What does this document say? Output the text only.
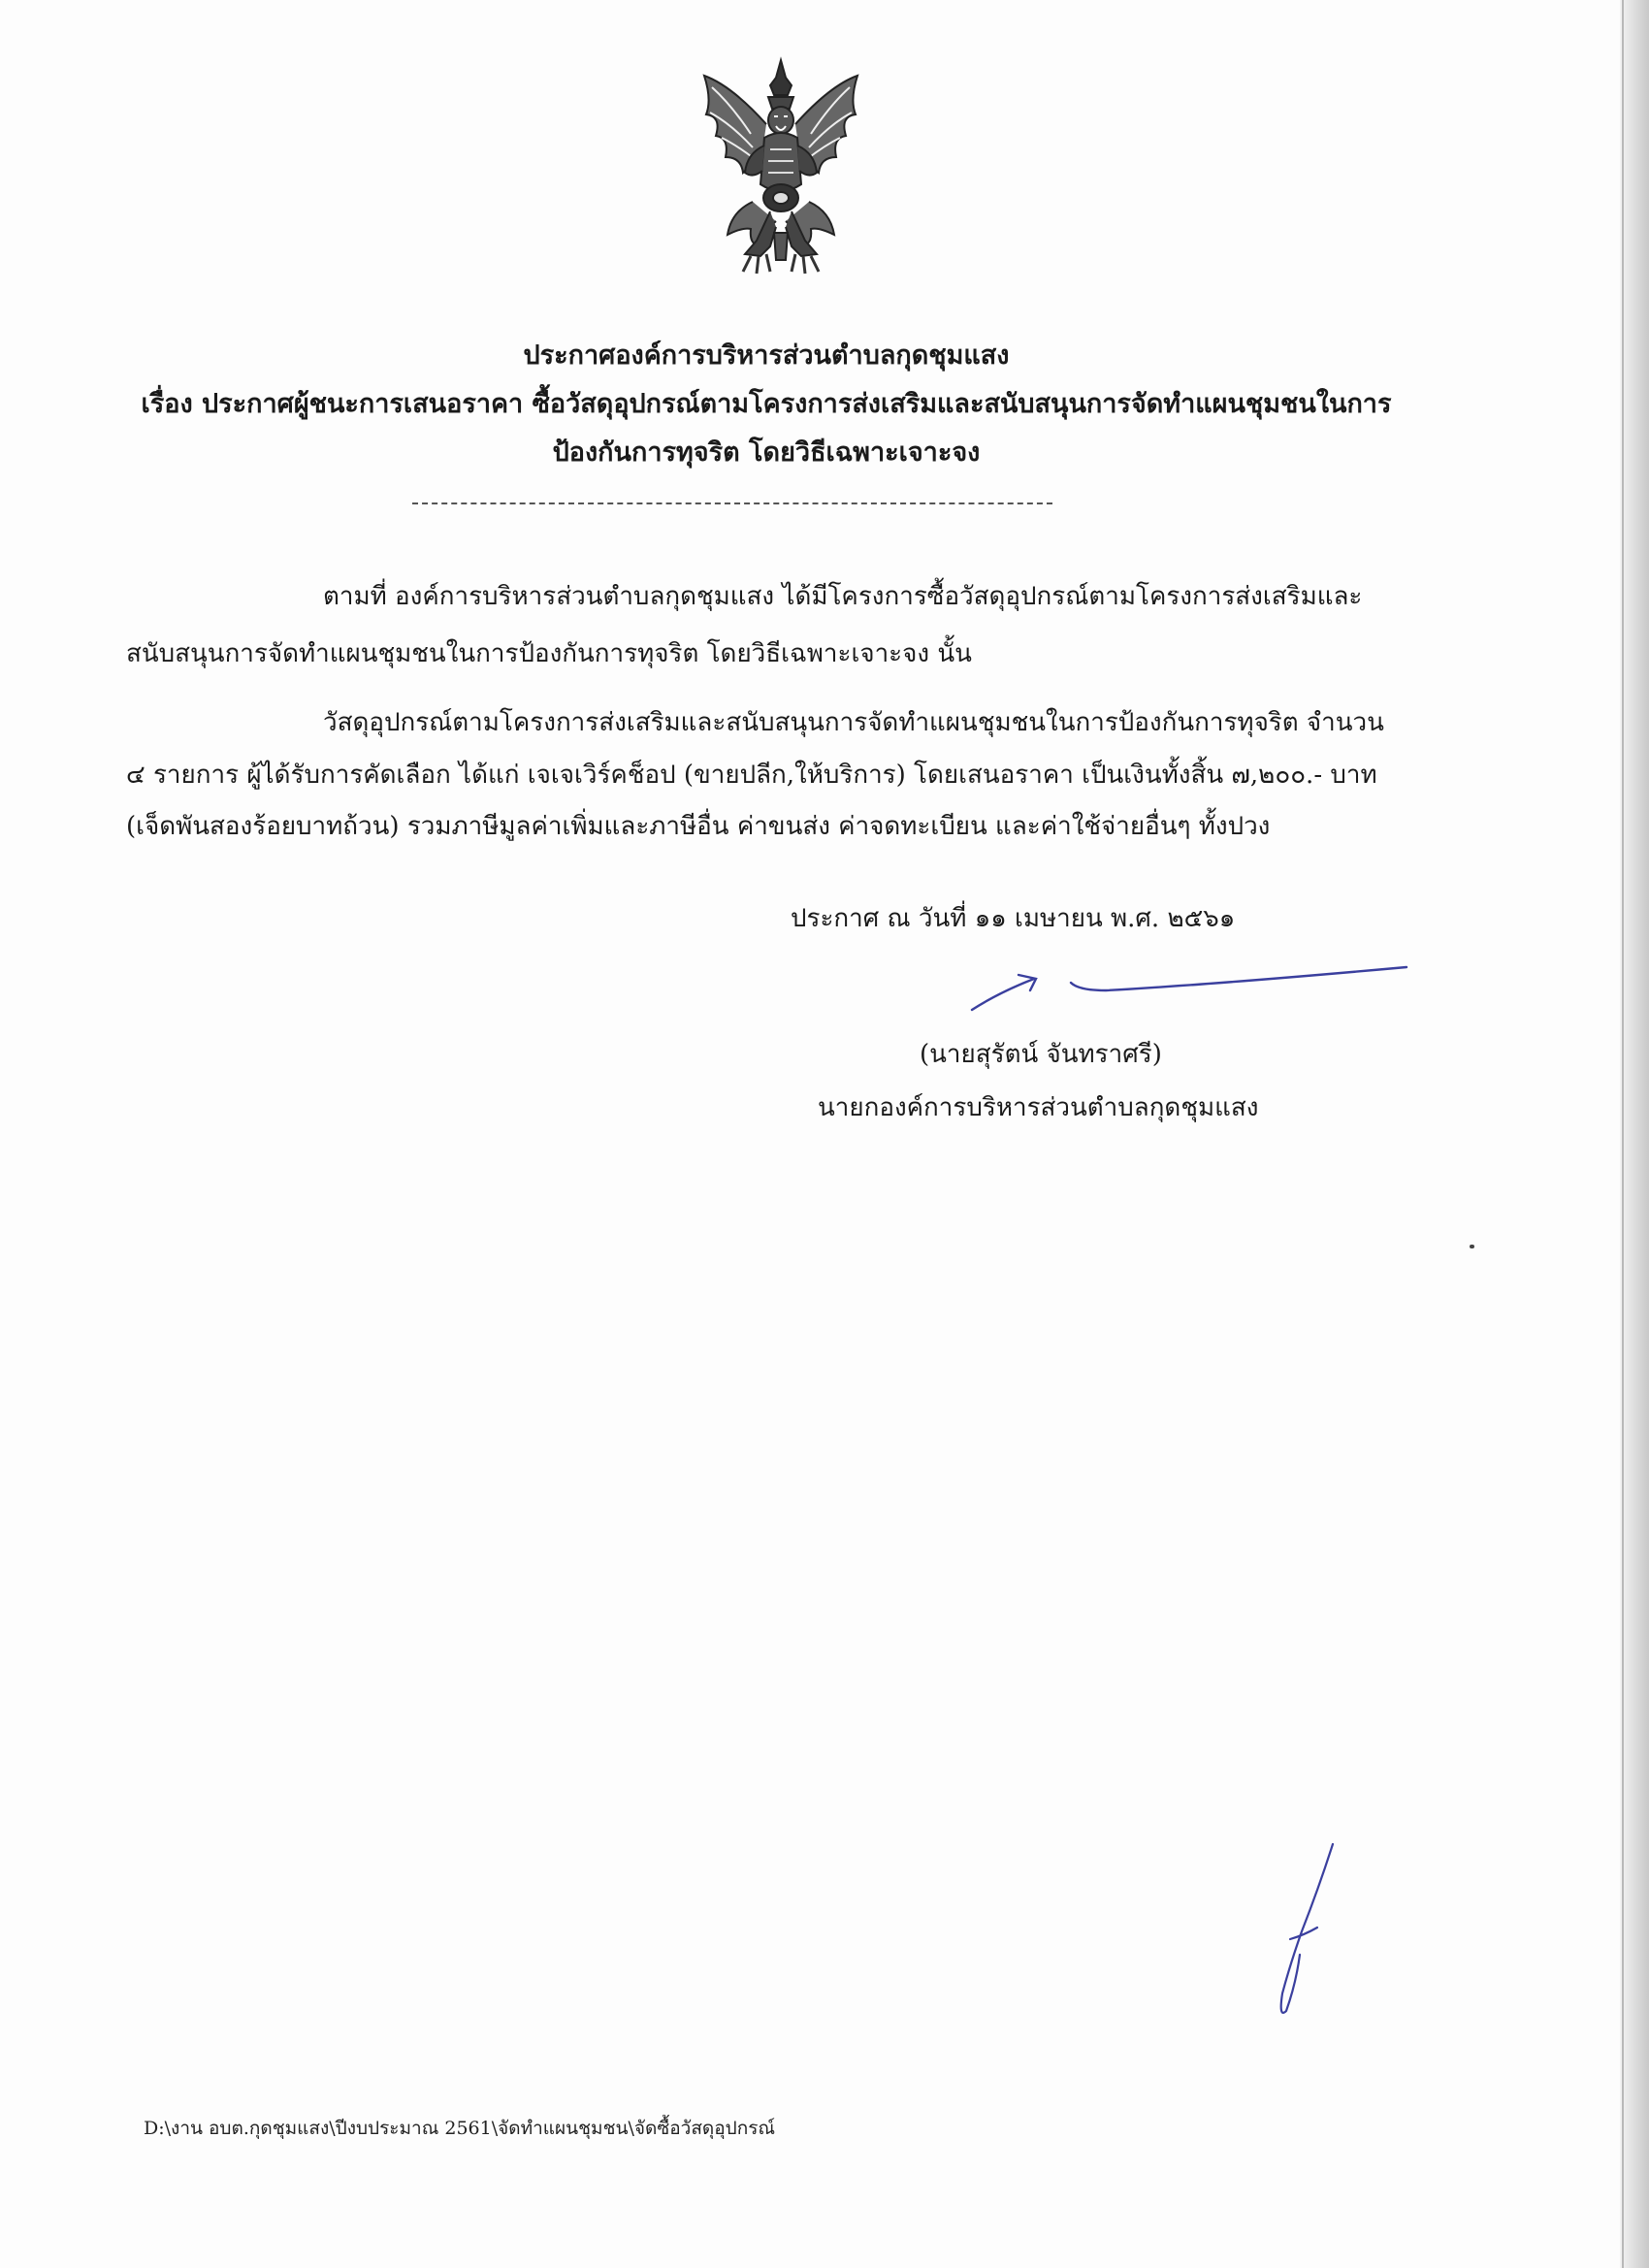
ประกาศองค์การบริหารส่วนตำบลกุดชุมแสง
เรื่อง ประกาศผู้ชนะการเสนอราคา ซื้อวัสดุอุปกรณ์ตามโครงการส่งเสริมและสนับสนุนการจัดทำแผนชุมชนในการ
ป้องกันการทุจริต โดยวิธีเฉพาะเจาะจง
ตามที่ องค์การบริหารส่วนตำบลกุดชุมแสง ได้มีโครงการซื้อวัสดุอุปกรณ์ตามโครงการส่งเสริมและ
สนับสนุนการจัดทำแผนชุมชนในการป้องกันการทุจริต โดยวิธีเฉพาะเจาะจง นั้น
วัสดุอุปกรณ์ตามโครงการส่งเสริมและสนับสนุนการจัดทำแผนชุมชนในการป้องกันการทุจริต จำนวน
๔ รายการ ผู้ได้รับการคัดเลือก ได้แก่ เจเจเวิร์คช็อป (ขายปลีก,ให้บริการ) โดยเสนอราคา เป็นเงินทั้งสิ้น ๗,๒๐๐.- บาท
(เจ็ดพันสองร้อยบาทถ้วน) รวมภาษีมูลค่าเพิ่มและภาษีอื่น ค่าขนส่ง ค่าจดทะเบียน และค่าใช้จ่ายอื่นๆ ทั้งปวง
ประกาศ ณ วันที่ ๑๑ เมษายน พ.ศ. ๒๕๖๑
(นายสุรัตน์ จันทราศรี)
นายกองค์การบริหารส่วนตำบลกุดชุมแสง
D:\งาน อบต.กุดชุมแสง\ปีงบประมาณ 2561\จัดทำแผนชุมชน\จัดซื้อวัสดุอุปกรณ์
